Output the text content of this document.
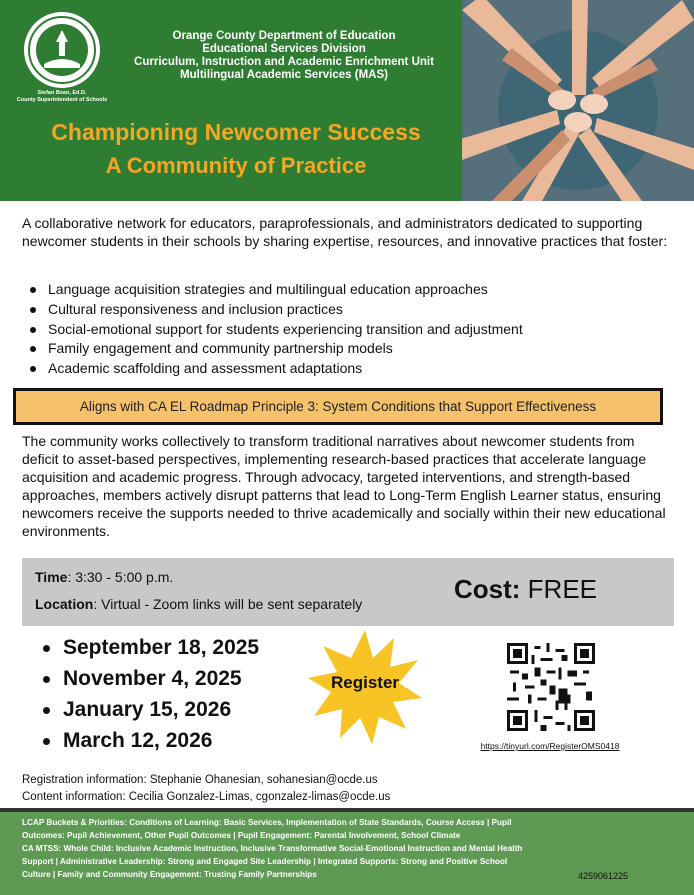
Stefan Bean, Ed.D.
County Superintendent of Schools
Orange County Department of Education
Educational Services Division
Curriculum, Instruction and Academic Enrichment Unit
Multilingual Academic Services (MAS)
Championing Newcomer Success
A Community of Practice

A collaborative network for educators, paraprofessionals, and administrators dedicated to supporting newcomer students in their schools by sharing expertise, resources, and innovative practices that foster:

Language acquisition strategies and multilingual education approaches
Cultural responsiveness and inclusion practices
Social-emotional support for students experiencing transition and adjustment
Family engagement and community partnership models
Academic scaffolding and assessment adaptations
Aligns with CA EL Roadmap Principle 3: System Conditions that Support Effectiveness

The community works collectively to transform traditional narratives about newcomer students from deficit to asset-based perspectives, implementing research-based practices that accelerate language acquisition and academic progress. Through advocacy, targeted interventions, and strength-based approaches, members actively disrupt patterns that lead to Long-Term English Learner status, ensuring newcomers receive the supports needed to thrive academically and socially within their new educational environments.

Time: 3:30 - 5:00 p.m.
Location: Virtual - Zoom links will be sent separately	Cost: FREE
September 18, 2025
November 4, 2025
January 15, 2026
March 12, 2026
Register
https://tinyurl.com/RegisterOMS0418
Registration information: Stephanie Ohanesian, sohanesian@ocde.us
Content information: Cecilia Gonzalez-Limas, cgonzalez-limas@ocde.us
LCAP Buckets & Priorities: Conditions of Learning: Basic Services, Implementation of State Standards, Course Access | Pupil
Outcomes: Pupil Achievement, Other Pupil Outcomes | Pupil Engagement: Parental Involvement, School Climate
CA MTSS: Whole Child: Inclusive Academic Instruction, Inclusive Transformative Social-Emotional Instruction and Mental Health
Support | Administrative Leadership: Strong and Engaged Site Leadership | Integrated Supports: Strong and Positive School
Culture | Family and Community Engagement: Trusting Family Partnerships	4259061225
